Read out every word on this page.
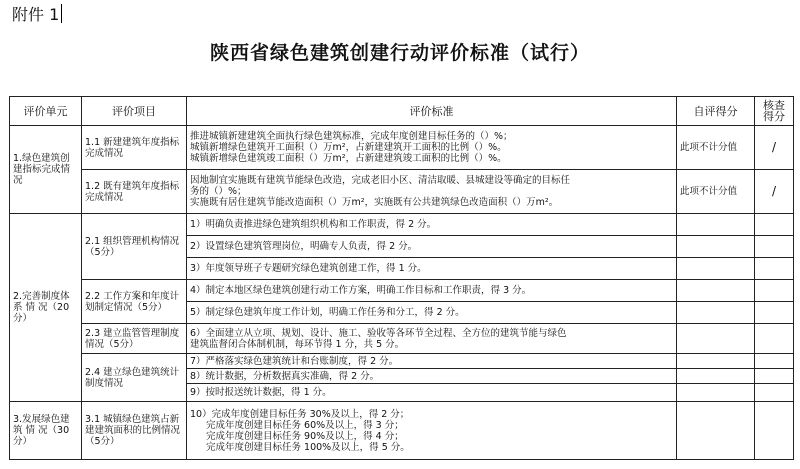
附件 1
陕西省绿色建筑创建行动评价标准（试行）
评价单元	评价项目	评价标准	自评得分	核查得分
1.绿色建筑创建指标完成情况	1.1 新建建筑年度指标完成情况	推进城镇新建建筑全面执行绿色建筑标准，完成年度创建目标任务的（）%；
城镇新增绿色建筑开工面积（）万m²，占新建建筑开工面积的比例（）%。
城镇新增绿色建筑竣工面积（）万m²，占新建建筑竣工面积的比例（）%。	此项不计分值	/
	1.2 既有建筑年度指标完成情况	因地制宜实施既有建筑节能绿色改造，完成老旧小区、清洁取暖、县城建设等确定的目标任
务的（）%；
实施既有居住建筑节能改造面积（）万m²，实施既有公共建筑绿色改造面积（）万m²。	此项不计分值	/
2.完善制度体 系 情 况（20分）	2.1 组织管理机构情况（5分）	1）明确负责推进绿色建筑组织机构和工作职责，得 2 分。		
		2）设置绿色建筑管理岗位，明确专人负责，得 2 分。		
		3）年度领导班子专题研究绿色建筑创建工作，得 1 分。		
	2.2 工作方案和年度计划制定情况（5分）	4）制定本地区绿色建筑创建行动工作方案，明确工作目标和工作职责，得 3 分。		
		5）制定绿色建筑年度工作计划，明确工作任务和分工，得 2 分。		
	2.3 建立监管管理制度情况（5分）	6）全面建立从立项、规划、设计、施工、验收等各环节全过程、全方位的建筑节能与绿色
建筑监督闭合体制机制，每环节得 1 分，共 5 分。		

	2.4 建立绿色建筑统计制度情况	7）严格落实绿色建筑统计和台账制度，得 2 分。		
		8）统计数据，分析数据真实准确，得 2 分。		
		9）按时报送统计数据，得 1 分。		
3.发展绿色建 筑 情 况（30分）	3.1 城镇绿色建筑占新建建筑面积的比例情况（5分）	10）完成年度创建目标任务 30%及以上，得 2 分；
完成年度创建目标任务 60%及以上，得 3 分；
完成年度创建目标任务 90%及以上，得 4 分；
完成年度创建目标任务 100%及以上，得 5 分。		
